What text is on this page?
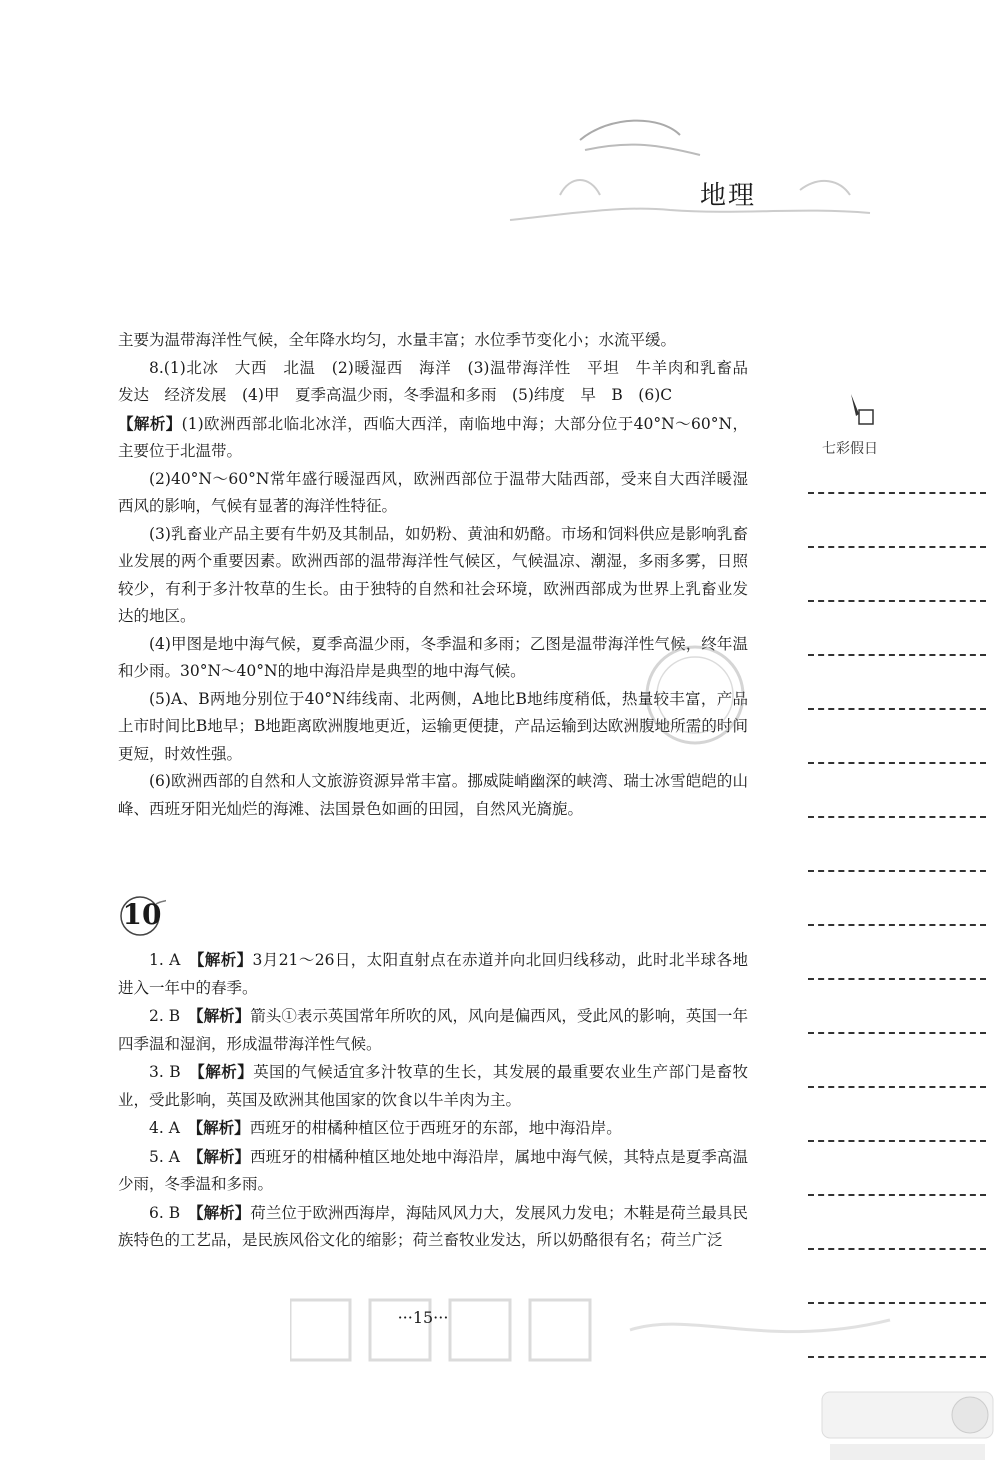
地理
七彩假日

主要为温带海洋性气候，全年降水均匀，水量丰富；水位季节变化小；水流平缓。

8.(1)北冰　大西　北温　(2)暖湿西　海洋　(3)温带海洋性　平坦　牛羊肉和乳畜品　发达　经济发展　(4)甲　夏季高温少雨，冬季温和多雨　(5)纬度　早　B　(6)C

【解析】(1)欧洲西部北临北冰洋，西临大西洋，南临地中海；大部分位于40°N～60°N，主要位于北温带。

(2)40°N～60°N常年盛行暖湿西风，欧洲西部位于温带大陆西部，受来自大西洋暖湿西风的影响，气候有显著的海洋性特征。

(3)乳畜业产品主要有牛奶及其制品，如奶粉、黄油和奶酪。市场和饲料供应是影响乳畜业发展的两个重要因素。欧洲西部的温带海洋性气候区，气候温凉、潮湿，多雨多雾，日照较少，有利于多汁牧草的生长。由于独特的自然和社会环境，欧洲西部成为世界上乳畜业发达的地区。

(4)甲图是地中海气候，夏季高温少雨，冬季温和多雨；乙图是温带海洋性气候，终年温和少雨。30°N～40°N的地中海沿岸是典型的地中海气候。

(5)A、B两地分别位于40°N纬线南、北两侧，A地比B地纬度稍低，热量较丰富，产品上市时间比B地早；B地距离欧洲腹地更近，运输更便捷，产品运输到达欧洲腹地所需的时间更短，时效性强。

(6)欧洲西部的自然和人文旅游资源异常丰富。挪威陡峭幽深的峡湾、瑞士冰雪皑皑的山峰、西班牙阳光灿烂的海滩、法国景色如画的田园，自然风光旖旎。

10

1. A　【解析】3月21～26日，太阳直射点在赤道并向北回归线移动，此时北半球各地进入一年中的春季。

2. B　【解析】箭头①表示英国常年所吹的风，风向是偏西风，受此风的影响，英国一年四季温和湿润，形成温带海洋性气候。

3. B　【解析】英国的气候适宜多汁牧草的生长，其发展的最重要农业生产部门是畜牧业，受此影响，英国及欧洲其他国家的饮食以牛羊肉为主。

4. A　【解析】西班牙的柑橘种植区位于西班牙的东部，地中海沿岸。

5. A　【解析】西班牙的柑橘种植区地处地中海沿岸，属地中海气候，其特点是夏季高温少雨，冬季温和多雨。

6. B　【解析】荷兰位于欧洲西海岸，海陆风风力大，发展风力发电；木鞋是荷兰最具民族特色的工艺品，是民族风俗文化的缩影；荷兰畜牧业发达，所以奶酪很有名；荷兰广泛

···15···
